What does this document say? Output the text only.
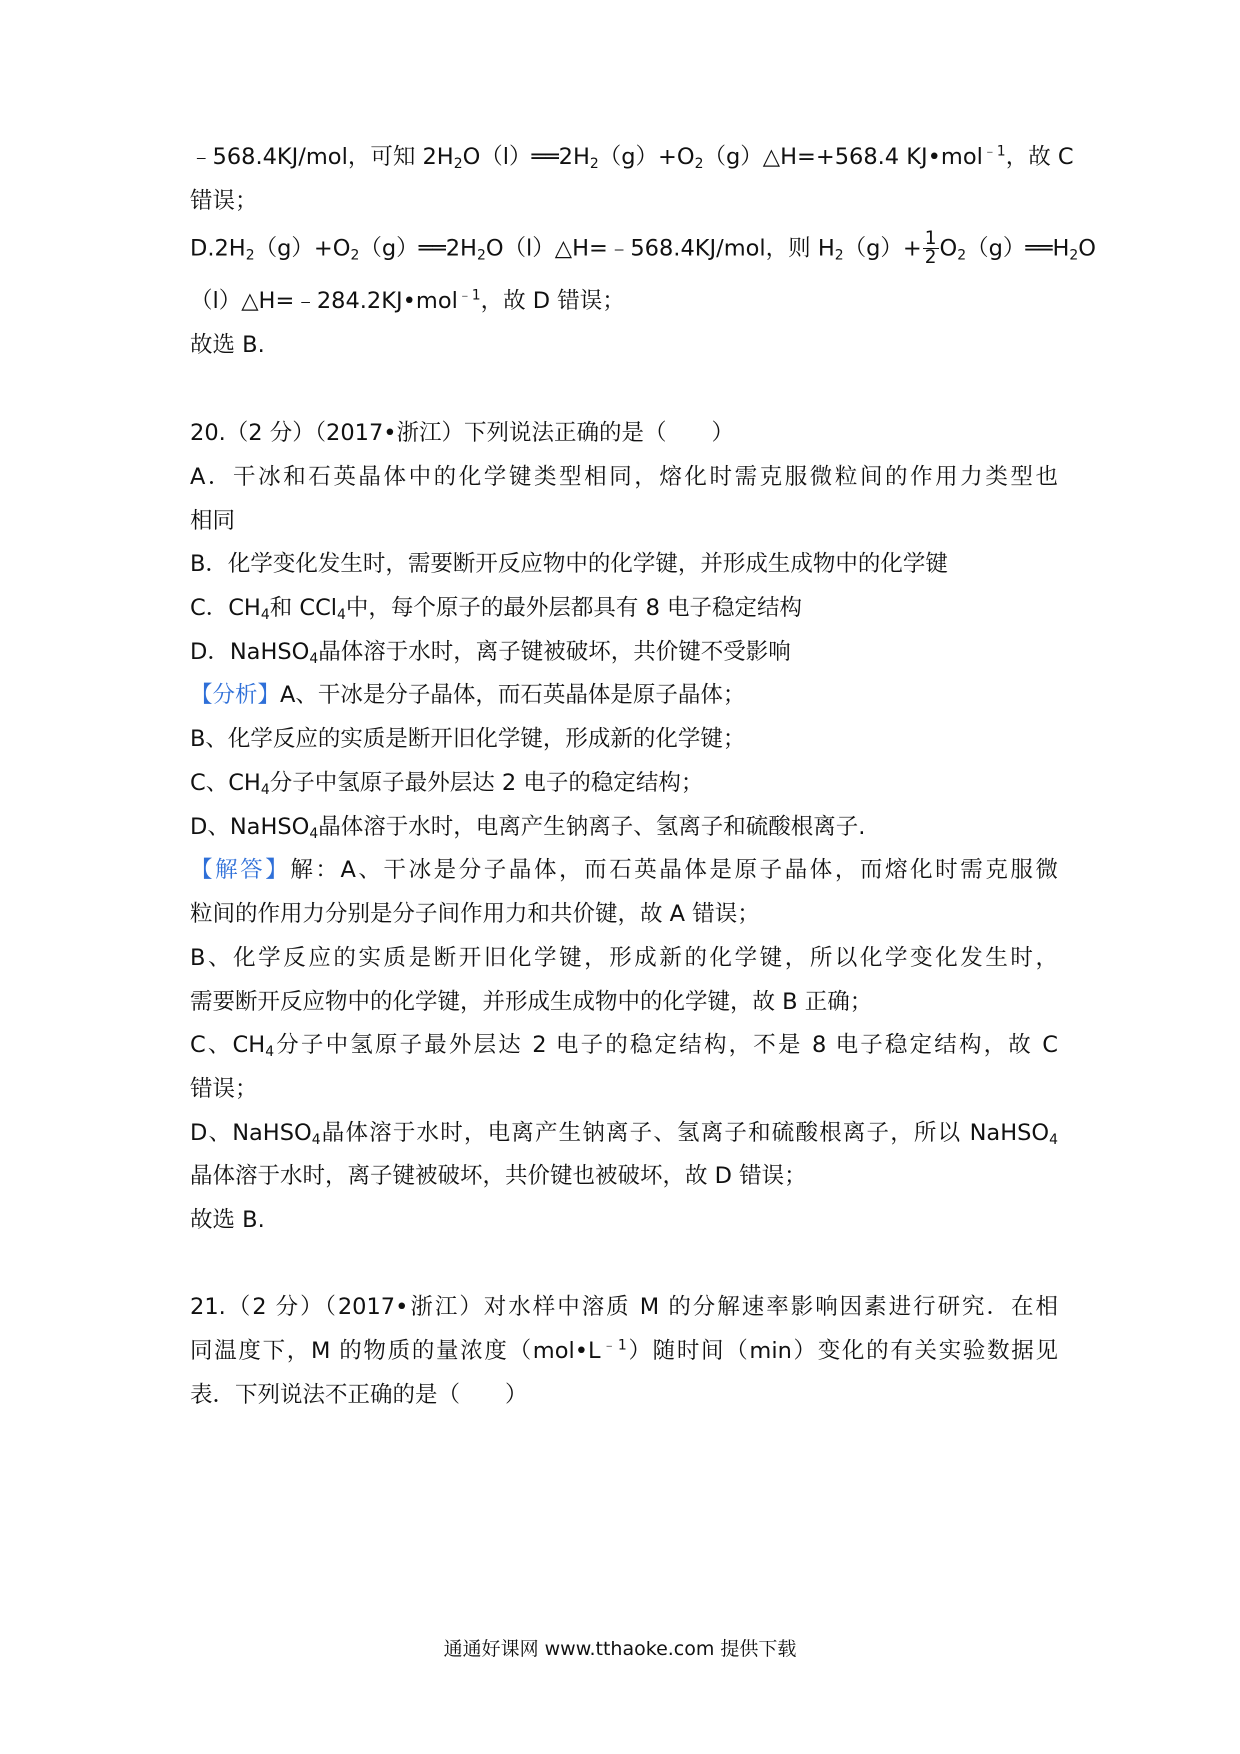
﹣568.4KJ/mol，可知 $2H_2O(l)══2H_2(g)+O_2(g)\triangle H=+568.4$ KJ•mol$^{﹣1}$，故 C
错误；
$D.2H_2(g)+O_2(g)══2H_2O(l)\triangle H=﹣568.4KJ$/mol，则 $H_2(g)+ \frac{1}{2}$ $O_2(g)══H_2O$
（l）△H=﹣284.2KJ•mol$^{﹣1}$，故 D 错误；
故选 B.
20.（2 分）（2017•浙江）下列说法正确的是（　　）
A．干冰和石英晶体中的化学键类型相同，熔化时需克服微粒间的作用力类型也
相同
B．化学变化发生时，需要断开反应物中的化学键，并形成生成物中的化学键
C．$CH_4$和 CCl$_4$中，每个原子的最外层都具有 8 电子稳定结构
D．NaHSO$_4$晶体溶于水时，离子键被破坏，共价键不受影响
【分析】A、干冰是分子晶体，而石英晶体是原子晶体；
B、化学反应的实质是断开旧化学键，形成新的化学键；
C、$CH_4$分子中氢原子最外层达 2 电子的稳定结构；
D、NaHSO$_4$晶体溶于水时，电离产生钠离子、氢离子和硫酸根离子.
【解答】解：A、干冰是分子晶体，而石英晶体是原子晶体，而熔化时需克服微
粒间的作用力分别是分子间作用力和共价键，故 A 错误；
B、化学反应的实质是断开旧化学键，形成新的化学键，所以化学变化发生时，
需要断开反应物中的化学键，并形成生成物中的化学键，故 B 正确；
C、$CH_4$分子中氢原子最外层达 2 电子的稳定结构，不是 8 电子稳定结构，故 C
错误；
D、NaHSO$_4$晶体溶于水时，电离产生钠离子、氢离子和硫酸根离子，所以 NaHSO$_4$
晶体溶于水时，离子键被破坏，共价键也被破坏，故 D 错误；
故选 B.
21.（2 分）（2017•浙江）对水样中溶质 M 的分解速率影响因素进行研究．在相
同温度下，M 的物质的量浓度$(mol•L^{﹣1})$随时间（min）变化的有关实验数据见
表．下列说法不正确的是（　　）
通通好课网 www.tthaoke.com 提供下载
